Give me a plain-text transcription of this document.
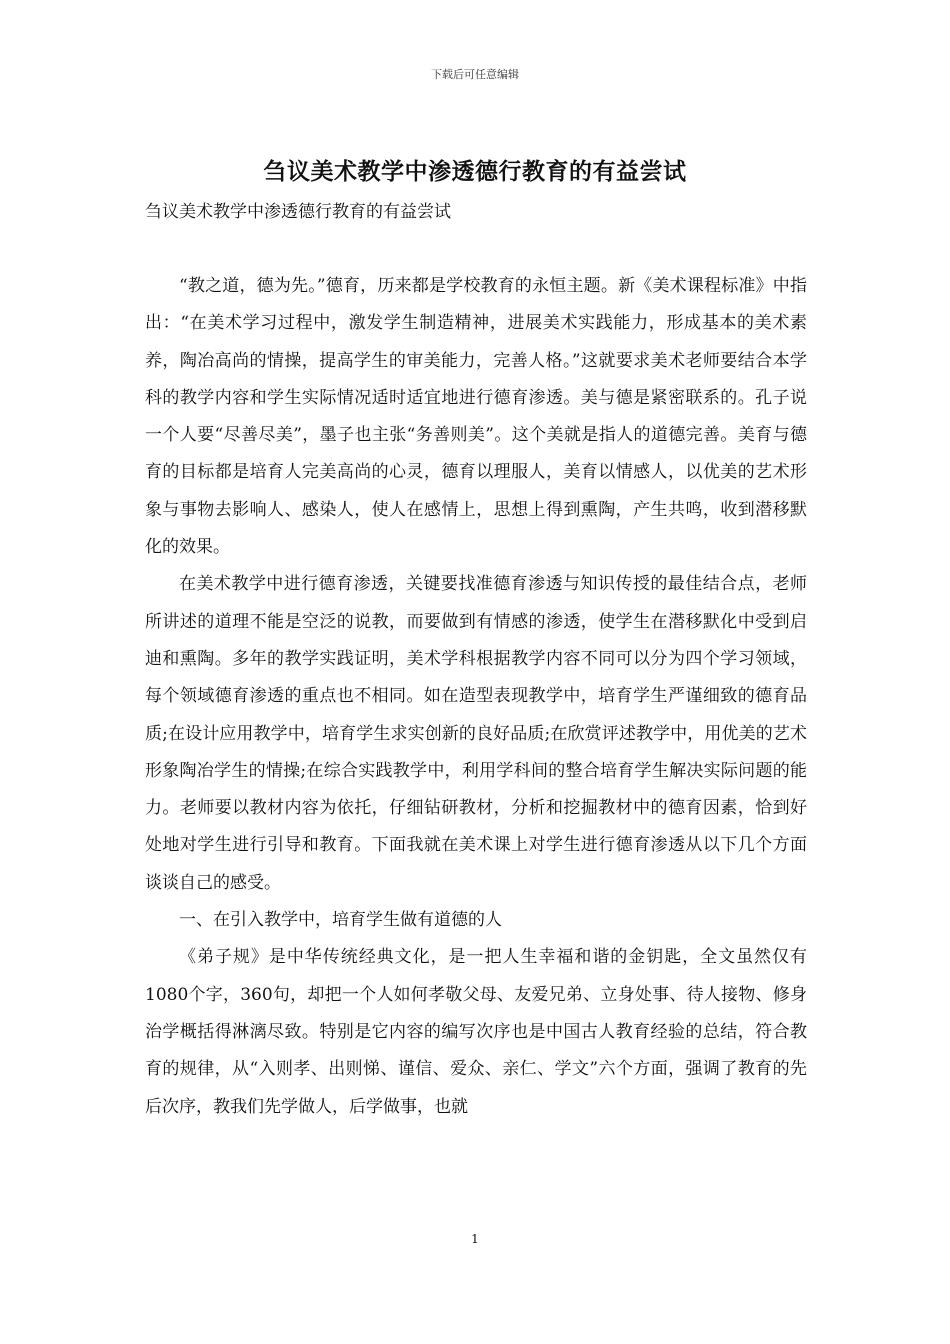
下载后可任意编辑
刍议美术教学中渗透德行教育的有益尝试
刍议美术教学中渗透德行教育的有益尝试

“教之道，德为先。”德育，历来都是学校教育的永恒主题。新《美术课程标准》中指出：“在美术学习过程中，激发学生制造精神，进展美术实践能力，形成基本的美术素养，陶冶高尚的情操，提高学生的审美能力，完善人格。”这就要求美术老师要结合本学科的教学内容和学生实际情况适时适宜地进行德育渗透。美与德是紧密联系的。孔子说一个人要“尽善尽美”，墨子也主张“务善则美”。这个美就是指人的道德完善。美育与德育的目标都是培育人完美高尚的心灵，德育以理服人，美育以情感人，以优美的艺术形象与事物去影响人、感染人，使人在感情上，思想上得到熏陶，产生共鸣，收到潜移默化的效果。

在美术教学中进行德育渗透，关键要找准德育渗透与知识传授的最佳结合点，老师所讲述的道理不能是空泛的说教，而要做到有情感的渗透，使学生在潜移默化中受到启迪和熏陶。多年的教学实践证明，美术学科根据教学内容不同可以分为四个学习领域，每个领域德育渗透的重点也不相同。如在造型表现教学中，培育学生严谨细致的德育品质;在设计应用教学中，培育学生求实创新的良好品质;在欣赏评述教学中，用优美的艺术形象陶冶学生的情操;在综合实践教学中，利用学科间的整合培育学生解决实际问题的能力。老师要以教材内容为依托，仔细钻研教材，分析和挖掘教材中的德育因素，恰到好处地对学生进行引导和教育。下面我就在美术课上对学生进行德育渗透从以下几个方面谈谈自己的感受。

一、在引入教学中，培育学生做有道德的人

《弟子规》是中华传统经典文化，是一把人生幸福和谐的金钥匙，全文虽然仅有1080个字，360句，却把一个人如何孝敬父母、友爱兄弟、立身处事、待人接物、修身治学概括得淋漓尽致。特别是它内容的编写次序也是中国古人教育经验的总结，符合教育的规律，从“入则孝、出则悌、谨信、爱众、亲仁、学文”六个方面，强调了教育的先后次序，教我们先学做人，后学做事，也就

1
